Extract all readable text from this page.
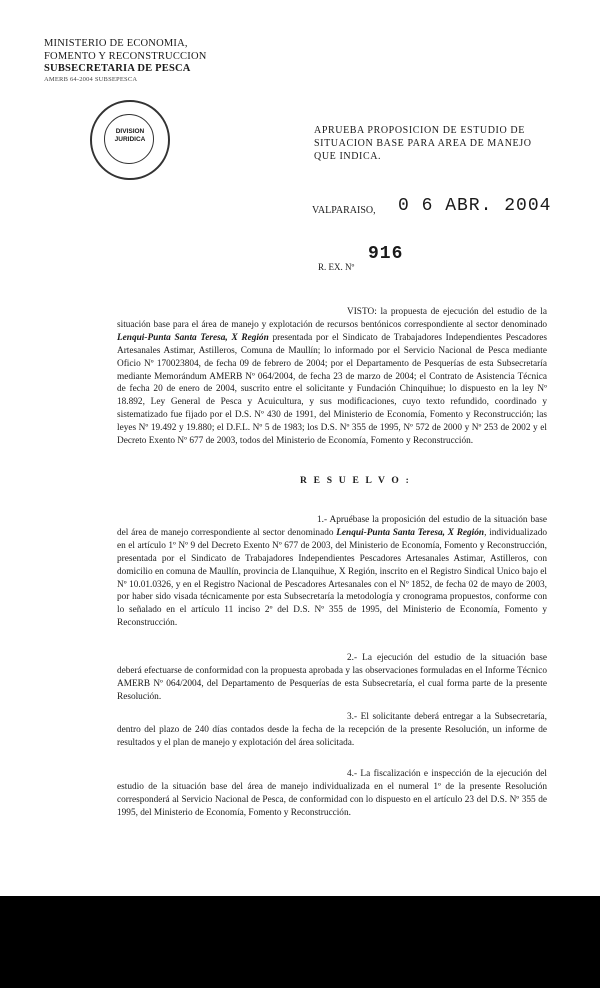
MINISTERIO DE ECONOMIA,
FOMENTO Y RECONSTRUCCION
SUBSECRETARIA DE PESCA
AMERB 64-2004 SUBSEPESCA
DIVISION JURIDICA
APRUEBA PROPOSICION DE ESTUDIO DE SITUACION BASE PARA AREA DE MANEJO QUE INDICA.
VALPARAISO, 0 6 ABR. 2004
R. EX. Nº
916
VISTO: la propuesta de ejecución del estudio de la situación base para el área de manejo y explotación de recursos bentónicos correspondiente al sector denominado Lenqui-Punta Santa Teresa, X Región presentada por el Sindicato de Trabajadores Independientes Pescadores Artesanales Astimar, Astilleros, Comuna de Maullín; lo informado por el Servicio Nacional de Pesca mediante Oficio Nº 170023804, de fecha 09 de febrero de 2004; por el Departamento de Pesquerías de esta Subsecretaría mediante Memorándum AMERB Nº 064/2004, de fecha 23 de marzo de 2004; el Contrato de Asistencia Técnica de fecha 20 de enero de 2004, suscrito entre el solicitante y Fundación Chinquihue; lo dispuesto en la ley Nº 18.892, Ley General de Pesca y Acuicultura, y sus modificaciones, cuyo texto refundido, coordinado y sistematizado fue fijado por el D.S. Nº 430 de 1991, del Ministerio de Economía, Fomento y Reconstrucción; las leyes Nº 19.492 y 19.880; el D.F.L. Nº 5 de 1983; los D.S. Nº 355 de 1995, Nº 572 de 2000 y Nº 253 de 2002 y el Decreto Exento Nº 677 de 2003, todos del Ministerio de Economía, Fomento y Reconstrucción.
R E S U E L V O :
1.- Apruébase la proposición del estudio de la situación base del área de manejo correspondiente al sector denominado Lenqui-Punta Santa Teresa, X Región, individualizado en el artículo 1º Nº 9 del Decreto Exento Nº 677 de 2003, del Ministerio de Economía, Fomento y Reconstrucción, presentada por el Sindicato de Trabajadores Independientes Pescadores Artesanales Astimar, Astilleros, con domicilio en comuna de Maullín, provincia de Llanquihue, X Región, inscrito en el Registro Sindical Unico bajo el Nº 10.01.0326, y en el Registro Nacional de Pescadores Artesanales con el Nº 1852, de fecha 02 de mayo de 2003, por haber sido visada técnicamente por esta Subsecretaría la metodología y cronograma propuestos, conforme con lo señalado en el artículo 11 inciso 2º del D.S. Nº 355 de 1995, del Ministerio de Economía, Fomento y Reconstrucción.
2.- La ejecución del estudio de la situación base deberá efectuarse de conformidad con la propuesta aprobada y las observaciones formuladas en el Informe Técnico AMERB Nº 064/2004, del Departamento de Pesquerías de esta Subsecretaría, el cual forma parte de la presente Resolución.
3.- El solicitante deberá entregar a la Subsecretaría, dentro del plazo de 240 días contados desde la fecha de la recepción de la presente Resolución, un informe de resultados y el plan de manejo y explotación del área solicitada.
4.- La fiscalización e inspección de la ejecución del estudio de la situación base del área de manejo individualizada en el numeral 1º de la presente Resolución corresponderá al Servicio Nacional de Pesca, de conformidad con lo dispuesto en el artículo 23 del D.S. Nº 355 de 1995, del Ministerio de Economía, Fomento y Reconstrucción.
